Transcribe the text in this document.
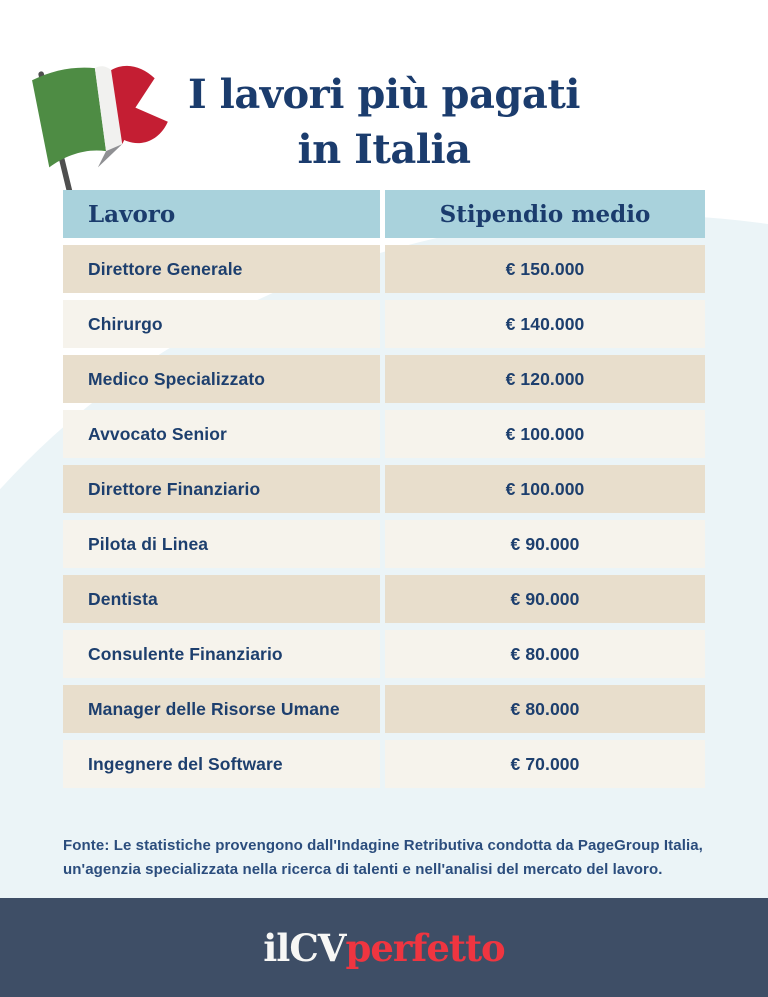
I lavori più pagati
in Italia
Lavoro	Stipendio medio
Direttore Generale	€ 150.000
Chirurgo	€ 140.000
Medico Specializzato	€ 120.000
Avvocato Senior	€ 100.000
Direttore Finanziario	€ 100.000
Pilota di Linea	€ 90.000
Dentista	€ 90.000
Consulente Finanziario	€ 80.000
Manager delle Risorse Umane	€ 80.000
Ingegnere del Software	€ 70.000

Fonte: Le statistiche provengono dall'Indagine Retributiva condotta da PageGroup Italia, un'agenzia specializzata nella ricerca di talenti e nell'analisi del mercato del lavoro.

ilCVperfetto
